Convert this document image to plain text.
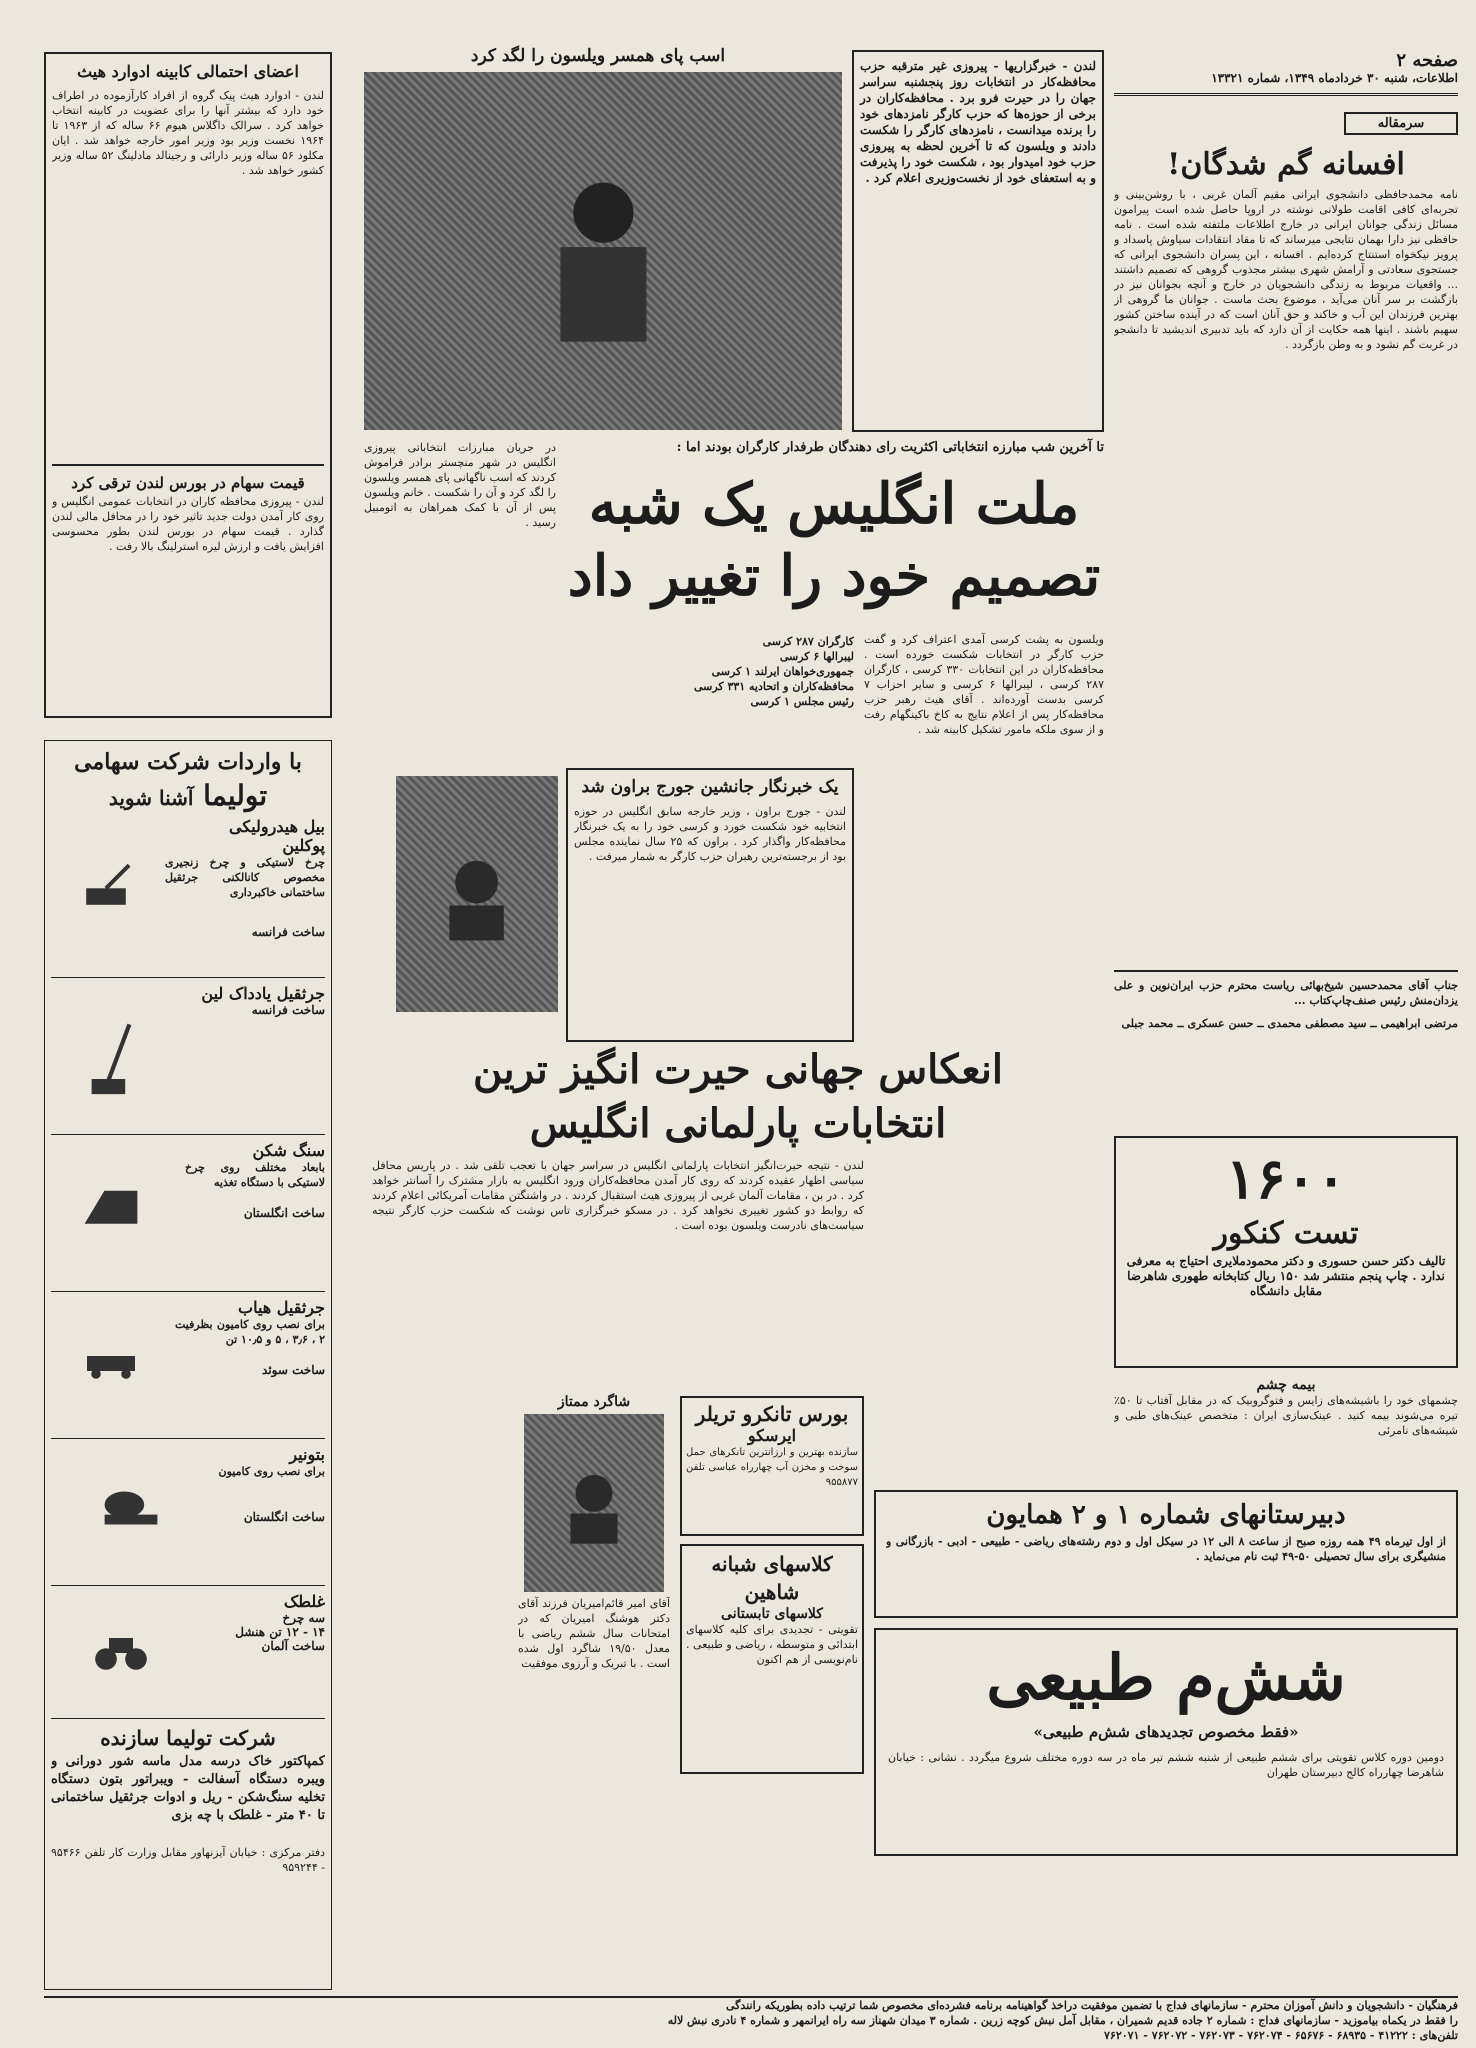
صفحه ۲
اطلاعات، شنبه ۳۰ خردادماه ۱۳۴۹، شماره ۱۳۳۲۱
سرمقاله
افسانه گم شدگان!
نامه محمدحافظی دانشجوی ایرانی مقیم آلمان غربی ، با روشن‌بینی و تجربه‌ای کافی اقامت طولانی نوشته در اروپا حاصل شده است پیرامون مسائل زندگی جوانان ایرانی در خارج اطلاعات ملتفته شده است . نامه حافظی نیز دارا بهمان نتایجی میرساند که تا مقاد انتقادات سیاوش پاسداد و پرویز نیکخواه استنتاج کرده‌ایم . افسانه ، این پسران دانشجوی ایرانی که جستجوی سعادتی و آرامش شهری بیشتر مجذوب گروهی که تصمیم داشتند ... واقعیات مربوط به زندگی دانشجویان در خارج و آنچه بجوانان نیز در بازگشت بر سر آنان می‌آید ، موضوع بحث ماست . جوانان ما گروهی از بهترین فرزندان این آب و خاکند و حق آنان است که در آینده ساختن کشور سهیم باشند . اینها همه حکایت از آن دارد که باید تدبیری اندیشید تا دانشجو در غربت گم نشود و به وطن بازگردد .
جناب آقای محمدحسین شیخ‌بهائی ریاست محترم حزب ایران‌نوین و علی یزدان‌منش رئیس صنف‌چاپ‌کتاب ...
مرتضی ابراهیمی ــ سید مصطفی محمدی ــ حسن عسکری ــ محمد جبلی
۱۶۰۰
تست کنکور
تالیف دکتر حسن حسوری و دکتر محمودملایری احتیاج به معرفی ندارد . چاپ پنجم منتشر شد ۱۵۰ ریال کتابخانه طهوری شاهرضا مقابل دانشگاه
بیمه چشم
چشمهای خود را باشیشه‌های زایس و فتوگروبیک که در مقابل آفتاب تا ۵۰٪ تیره می‌شوند بیمه کنید . عینک‌سازی ایران : متخصص عینک‌های طبی و شیشه‌های نامرئی
دبیرستانهای شماره ۱ و ۲ همایون
از اول تیرماه ۴۹ همه روزه صبح از ساعت ۸ الی ۱۲ در سیکل اول و دوم رشته‌های ریاضی - طبیعی - ادبی - بازرگانی و منشیگری برای سال تحصیلی ۵۰-۴۹ ثبت نام می‌نماید .
شش‌م طبیعی
«فقط مخصوص تجدیدهای شش‌م طبیعی»
دومین دوره کلاس تقویتی برای ششم طبیعی از شنبه ششم تیر ماه در سه دوره مختلف شروع میگردد . نشانی : خیابان شاهرضا چهارراه کالج دبیرستان طهران
اسب پای همسر ویلسون را لگد کرد	لندن - خبرگزاریها - پیروزی غیر مترقبه حزب محافظه‌کار در انتخابات روز پنجشنبه سراسر جهان را در حیرت فرو برد . محافظه‌کاران در برخی از حوزه‌ها که حزب کارگر نامزدهای خود را برنده میدانست ، نامزدهای کارگر را شکست دادند و ویلسون که تا آخرین لحظه به پیروزی حزب خود امیدوار بود ، شکست خود را پذیرفت و به استعفای خود از نخست‌وزیری اعلام کرد .
تا آخرین شب مبارزه انتخاباتی اکثریت رای دهندگان طرفدار کارگران بودند اما :
ملت انگلیس یک شبه
تصمیم خود را تغییر داد
در جریان مبارزات انتخاباتی پیروزی انگلیس در شهر منچستر برادر فراموش کردند که اسب ناگهانی پای همسر ویلسون را لگد کرد و آن را شکست . خانم ویلسون پس از آن با کمک همراهان به اتومبیل رسید .
ویلسون به پشت کرسی آمدی اعتراف کرد و گفت حزب کارگر در انتخابات شکست خورده است . محافظه‌کاران در این انتخابات ۳۳۰ کرسی ، کارگران ۲۸۷ کرسی ، لیبرالها ۶ کرسی و سایر احزاب ۷ کرسی بدست آورده‌اند . آقای هیث رهبر حزب محافظه‌کار پس از اعلام نتایج به کاخ باکینگهام رفت و از سوی ملکه مامور تشکیل کابینه شد .
کارگران ۲۸۷ کرسی
لیبرالها ۶ کرسی
جمهوری‌خواهان ایرلند ۱ کرسی
محافظه‌کاران و اتحادیه ۳۳۱ کرسی
رئیس مجلس ۱ کرسی
یک خبرنگار جانشین جورج براون شد
لندن - جورج براون ، وزیر خارجه سابق انگلیس در حوزه انتخابیه خود شکست خورد و کرسی خود را به یک خبرنگار محافظه‌کار واگذار کرد . براون که ۲۵ سال نماینده مجلس بود از برجسته‌ترین رهبران حزب کارگر به شمار میرفت .
انعکاس جهانی حیرت انگیز ترین
انتخابات پارلمانی انگلیس
لندن - نتیجه حیرت‌انگیز انتخابات پارلمانی انگلیس در سراسر جهان با تعجب تلقی شد . در پاریس محافل سیاسی اظهار عقیده کردند که روی کار آمدن محافظه‌کاران ورود انگلیس به بازار مشترک را آسانتر خواهد کرد . در بن ، مقامات آلمان غربی از پیروزی هیث استقبال کردند . در واشنگتن مقامات آمریکائی اعلام کردند که روابط دو کشور تغییری نخواهد کرد . در مسکو خبرگزاری تاس نوشت که شکست حزب کارگر نتیجه سیاست‌های نادرست ویلسون بوده است .
بورس تانکرو تریلر
ایرسکو
سازنده بهترین و ارزانترین تانکرهای حمل سوخت و مخزن آب چهارراه عباسی تلفن ۹۵۵۸۷۷
کلاسهای شبانه شاهین
کلاسهای تابستانی
تقویتی - تجدیدی برای کلیه کلاسهای ابتدائی و متوسطه ، ریاضی و طبیعی . نام‌نویسی از هم اکنون
شاگرد ممتاز
آقای امیر قائم‌امیریان فرزند آقای دکتر هوشنگ امیریان که در امتحانات سال ششم ریاضی با معدل ۱۹/۵۰ شاگرد اول شده است . با تبریک و آرزوی موفقیت
اعضای احتمالی کابینه ادوارد هیث
لندن - ادوارد هیث پیک گروه از افراد کارآزموده در اطراف خود دارد که بیشتر آنها را برای عضویت در کابینه انتخاب خواهد کرد . سرالک داگلاس هیوم ۶۶ ساله که از ۱۹۶۳ تا ۱۹۶۴ نخست وزیر بود وزیر امور خارجه خواهد شد . ایان مکلود ۵۶ ساله وزیر دارائی و رجینالد مادلینگ ۵۲ ساله وزیر کشور خواهد شد .
قیمت سهام در بورس لندن ترقی کرد
لندن - پیروزی محافظه کاران در انتخابات عمومی انگلیس و روی کار آمدن دولت جدید تاثیر خود را در محافل مالی لندن گذارد . قیمت سهام در بورس لندن بطور محسوسی افزایش یافت و ارزش لیره استرلینگ بالا رفت .
با واردات شرکت سهامی
تولیما آشنا شوید
بیل هیدرولیکی
پوکلین
چرخ لاستیکی و چرخ زنجیری مخصوص کانالکنی جرثقیل ساختمانی خاکبرداری
ساخت فرانسه
جرثقیل یادداک لین
ساخت فرانسه
سنگ شکن
بابعاد مختلف روی چرخ لاستیکی با دستگاه تغذیه
ساخت انگلستان
جرثقیل هیاب
برای نصب روی کامیون بظرفیت ۲ ، ۳٫۶ ، ۵ و ۱۰٫۵ تن
ساخت سوئد
بتونیر
برای نصب روی کامیون
ساخت انگلستان
غلطک
سه چرخ
۱۴ - ۱۲ تن هنشل
ساخت آلمان
شرکت تولیما سازنده
کمپاکتور خاک درسه مدل ماسه شور دورانی و ویبره دستگاه آسفالت - ویبراتور بتون دستگاه تخلیه سنگ‌شکن - ریل و ادوات جرثقیل ساختمانی تا ۴۰ متر - غلطک با چه بزی
دفتر مرکزی : خیابان آیزنهاور مقابل وزارت کار تلفن ۹۵۴۶۶ - ۹۵۹۲۴۴
فرهنگیان - دانشجویان و دانش آموزان محترم - سازمانهای فداج با تضمین موفقیت دراخذ گواهینامه برنامه فشرده‌ای مخصوص شما ترتیب داده بطوریکه رانندگی
را فقط در یکماه بیاموزید - سازمانهای فداج : شماره ۲ جاده قدیم شمیران ، مقابل آمل نبش کوچه زرین . شماره ۳ میدان شهناز سه راه ایرانمهر و شماره ۴ نادری نبش لاله
تلفن‌های : ۴۱۲۲۲ - ۶۸۹۳۵ - ۶۵۶۷۶ - ۷۶۲۰۷۴ - ۷۶۲۰۷۳ - ۷۶۲۰۷۲ - ۷۶۲۰۷۱
